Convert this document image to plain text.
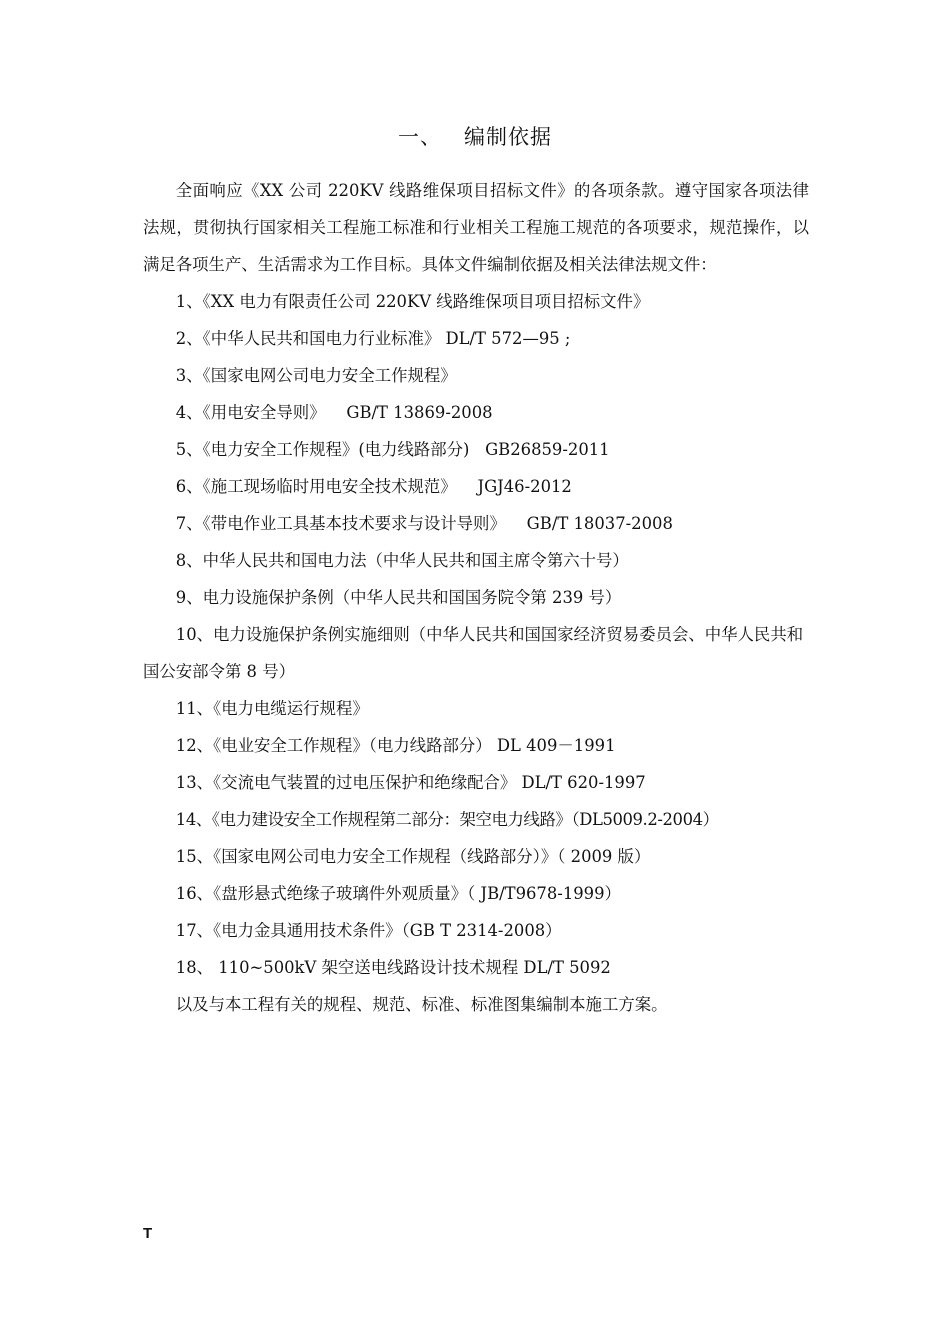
一、 编制依据

全面响应《XX 公司 220KV 线路维保项目招标文件》的各项条款。遵守国家各项法律法规，贯彻执行国家相关工程施工标准和行业相关工程施工规范的各项要求，规范操作，以满足各项生产、生活需求为工作目标。具体文件编制依据及相关法律法规文件：

1、《XX 电力有限责任公司 220KV 线路维保项目项目招标文件》
2、《中华人民共和国电力行业标准》 DL/T 572—95 ;
3、《国家电网公司电力安全工作规程》
4、《用电安全导则》    GB/T 13869-2008
5、《电力安全工作规程》(电力线路部分)   GB26859-2011
6、《施工现场临时用电安全技术规范》    JGJ46-2012
7、《带电作业工具基本技术要求与设计导则》    GB/T 18037-2008
8、中华人民共和国电力法（中华人民共和国主席令第六十号）
9、电力设施保护条例（中华人民共和国国务院令第 239 号）
10、电力设施保护条例实施细则（中华人民共和国国家经济贸易委员会、中华人民共和国公安部令第 8 号）
11、《电力电缆运行规程》
12、《电业安全工作规程》（电力线路部分） DL 409－1991
13、《交流电气装置的过电压保护和绝缘配合》 DL/T 620-1997
14、《电力建设安全工作规程第二部分：架空电力线路》（DL5009.2-2004）
15、《国家电网公司电力安全工作规程（线路部分）》（ 2009 版）
16、《盘形悬式绝缘子玻璃件外观质量》（ JB/T9678-1999）
17、《电力金具通用技术条件》（GB T 2314-2008）
18、 110~500kV 架空送电线路设计技术规程 DL/T 5092

以及与本工程有关的规程、规范、标准、标准图集编制本施工方案。

T
